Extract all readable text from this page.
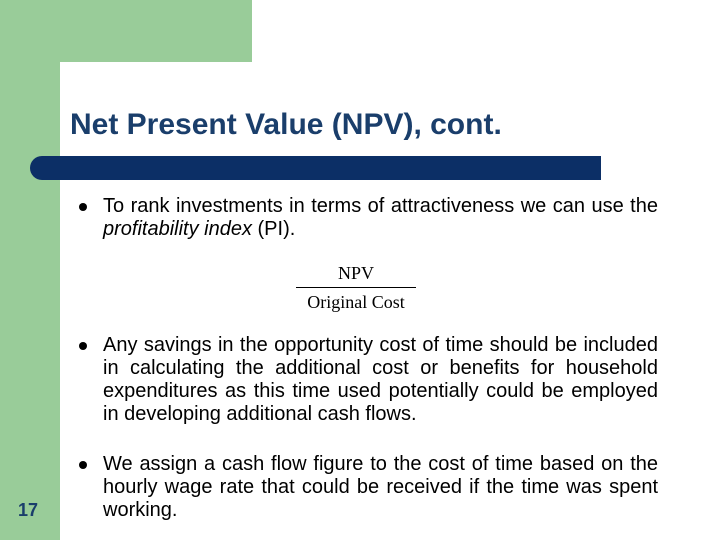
Net Present Value (NPV), cont.
To rank investments in terms of attractiveness we can use the profitability index (PI).
NPV
Original Cost
Any savings in the opportunity cost of time should be included in calculating the additional cost or benefits for household expenditures as this time used potentially could be employed in developing additional cash flows.
We assign a cash flow figure to the cost of time based on the hourly wage rate that could be received if the time was spent working.
17
